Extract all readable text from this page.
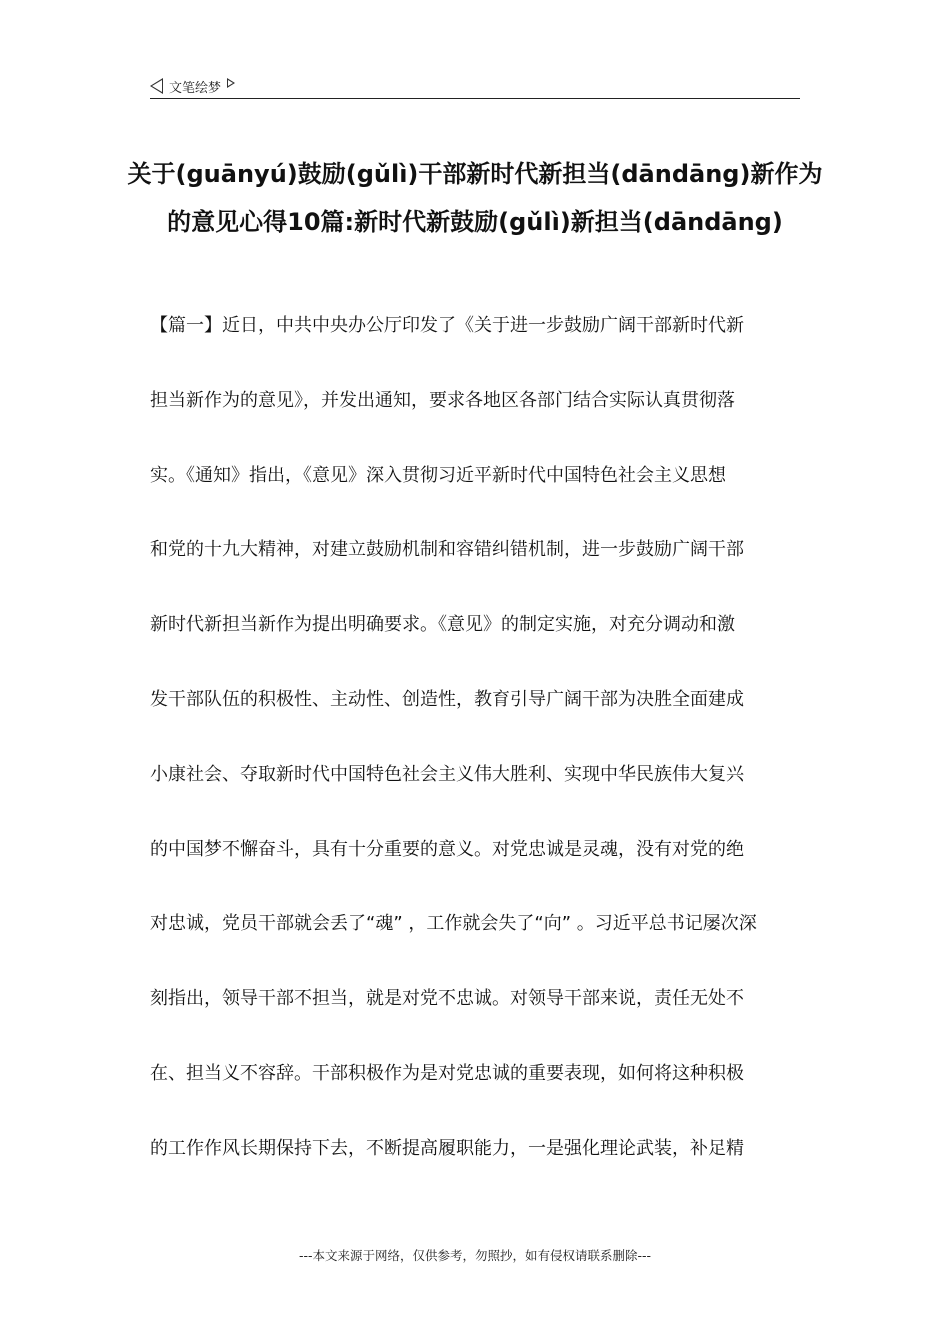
文笔绘梦
关于(guānyú)鼓励(gǔlì)干部新时代新担当(dāndāng)新作为的意见心得10篇:新时代新鼓励(gǔlì)新担当(dāndāng)
【篇一】近日，中共中央办公厅印发了《关于进一步鼓励广阔干部新时代新
担当新作为的意见》，并发出通知，要求各地区各部门结合实际认真贯彻落
实。《通知》指出，《意见》深入贯彻习近平新时代中国特色社会主义思想
和党的十九大精神，对建立鼓励机制和容错纠错机制，进一步鼓励广阔干部
新时代新担当新作为提出明确要求。《意见》的制定实施，对充分调动和激
发干部队伍的积极性、主动性、创造性，教育引导广阔干部为决胜全面建成
小康社会、夺取新时代中国特色社会主义伟大胜利、实现中华民族伟大复兴
的中国梦不懈奋斗，具有十分重要的意义。对党忠诚是灵魂，没有对党的绝
对忠诚，党员干部就会丢了“魂” ，工作就会失了“向” 。习近平总书记屡次深
刻指出，领导干部不担当，就是对党不忠诚。对领导干部来说，责任无处不
在、担当义不容辞。干部积极作为是对党忠诚的重要表现，如何将这种积极
的工作作风长期保持下去，不断提高履职能力，一是强化理论武装，补足精
---本文来源于网络，仅供参考，勿照抄，如有侵权请联系删除---
